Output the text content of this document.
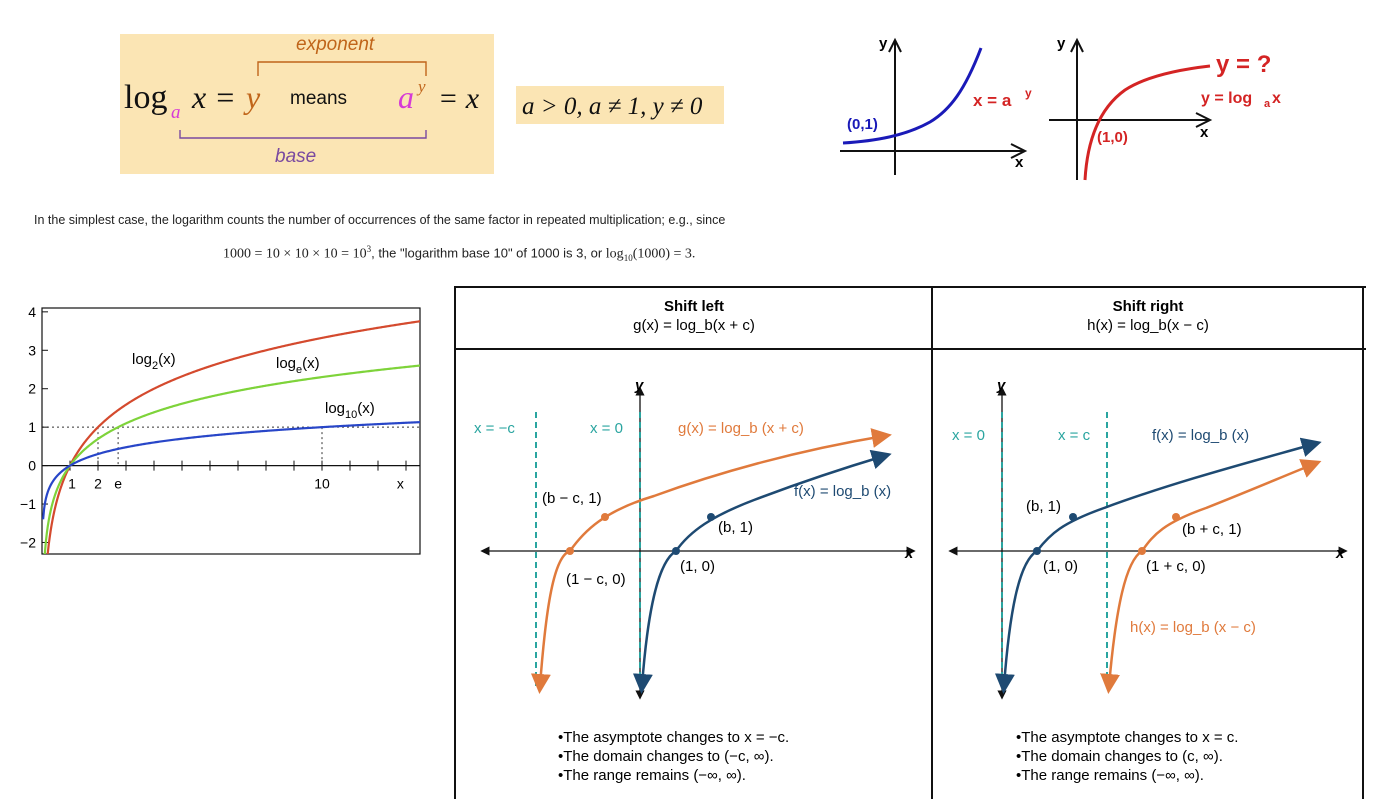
exponent
log a x = y means a y = x
base
a > 0, a ≠ 1, y ≠ 0
y
x
(0,1)
x = a y
y
x
(1,0)
y = ?
y = log a x
In the simplest case, the logarithm counts the number of occurrences of the same factor in repeated multiplication; e.g., since
$1000 = 10 \times 10 \times 10 = 10^3$, the "logarithm base 10" of 1000 is 3, or $\log_{10}(1000) = 3$.
4
3
2
1
0
−1
−2
1 2 e	10	x
$\log_2(x)$	$\log_e(x)$
$\log_{10}(x)$
Shift left
g(x) = log_b(x + c)
y
x
x = −c	x = 0	g(x) = log_b (x + c)
f(x) = log_b (x)
(b − c, 1)
(b, 1)
(1 − c, 0)
(1, 0)
•The asymptote changes to x = −c.
•The domain changes to (−c, ∞).
•The range remains (−∞, ∞).
Shift right
h(x) = log_b(x − c)
y
x
x = 0	x = c	f(x) = log_b (x)
h(x) = log_b (x − c)
(b, 1)
(b + c, 1)
(1, 0)	(1 + c, 0)
•The asymptote changes to x = c.
•The domain changes to (c, ∞).
•The range remains (−∞, ∞).
